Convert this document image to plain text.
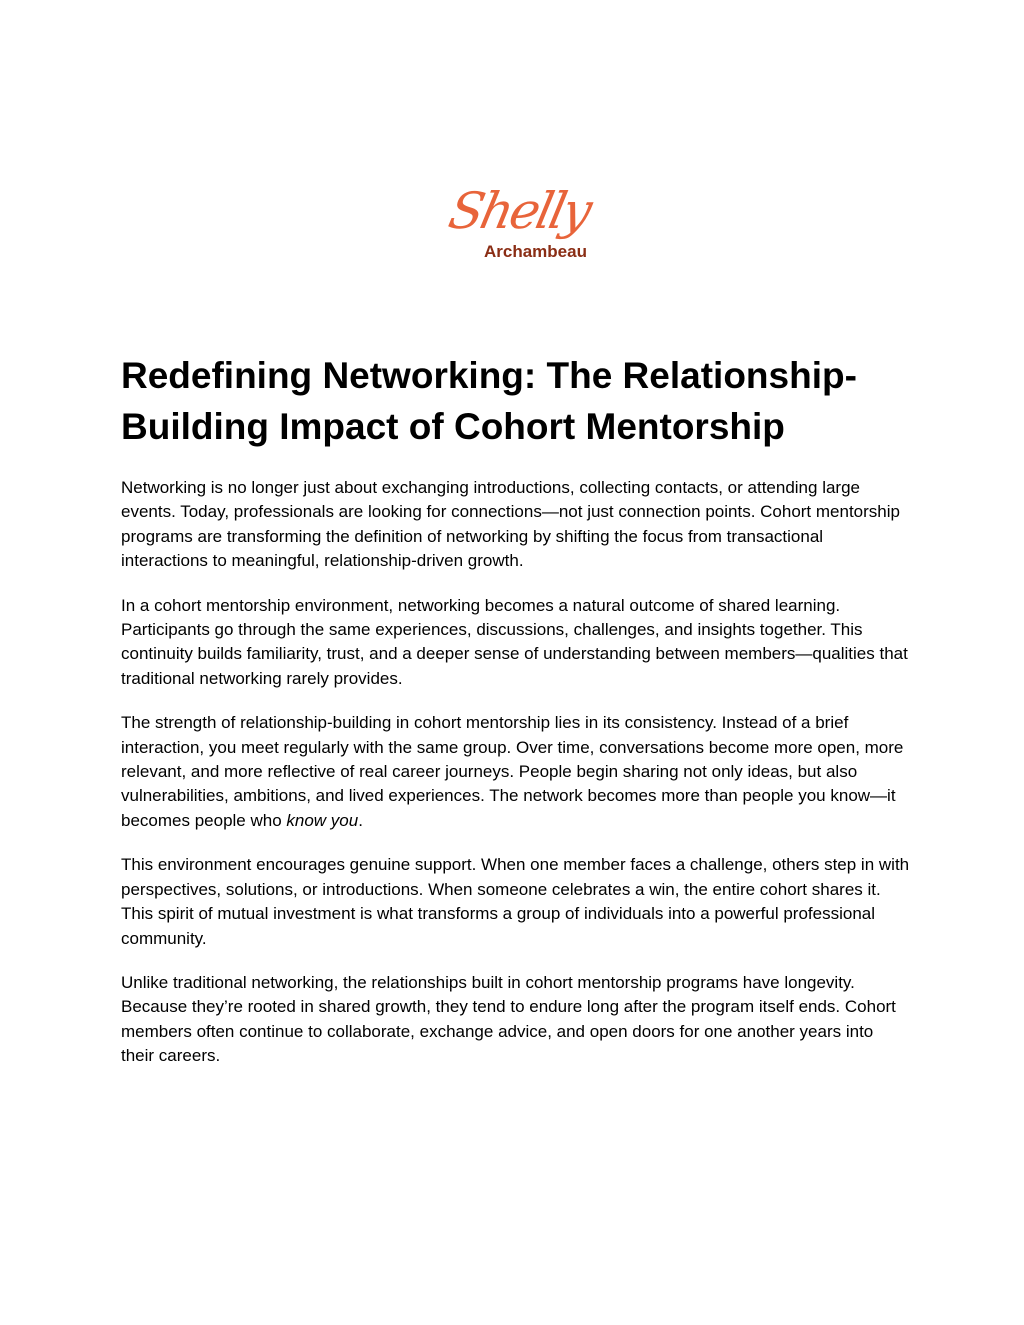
Shelly
Archambeau
Redefining Networking: The Relationship-Building Impact of Cohort Mentorship

Networking is no longer just about exchanging introductions, collecting contacts, or attending large events. Today, professionals are looking for connections—not just connection points. Cohort mentorship programs are transforming the definition of networking by shifting the focus from transactional interactions to meaningful, relationship-driven growth.

In a cohort mentorship environment, networking becomes a natural outcome of shared learning. Participants go through the same experiences, discussions, challenges, and insights together. This continuity builds familiarity, trust, and a deeper sense of understanding between members—qualities that traditional networking rarely provides.

The strength of relationship-building in cohort mentorship lies in its consistency. Instead of a brief interaction, you meet regularly with the same group. Over time, conversations become more open, more relevant, and more reflective of real career journeys. People begin sharing not only ideas, but also vulnerabilities, ambitions, and lived experiences. The network becomes more than people you know—it becomes people who know you.

This environment encourages genuine support. When one member faces a challenge, others step in with perspectives, solutions, or introductions. When someone celebrates a win, the entire cohort shares it. This spirit of mutual investment is what transforms a group of individuals into a powerful professional community.

Unlike traditional networking, the relationships built in cohort mentorship programs have longevity. Because they’re rooted in shared growth, they tend to endure long after the program itself ends. Cohort members often continue to collaborate, exchange advice, and open doors for one another years into their careers.
